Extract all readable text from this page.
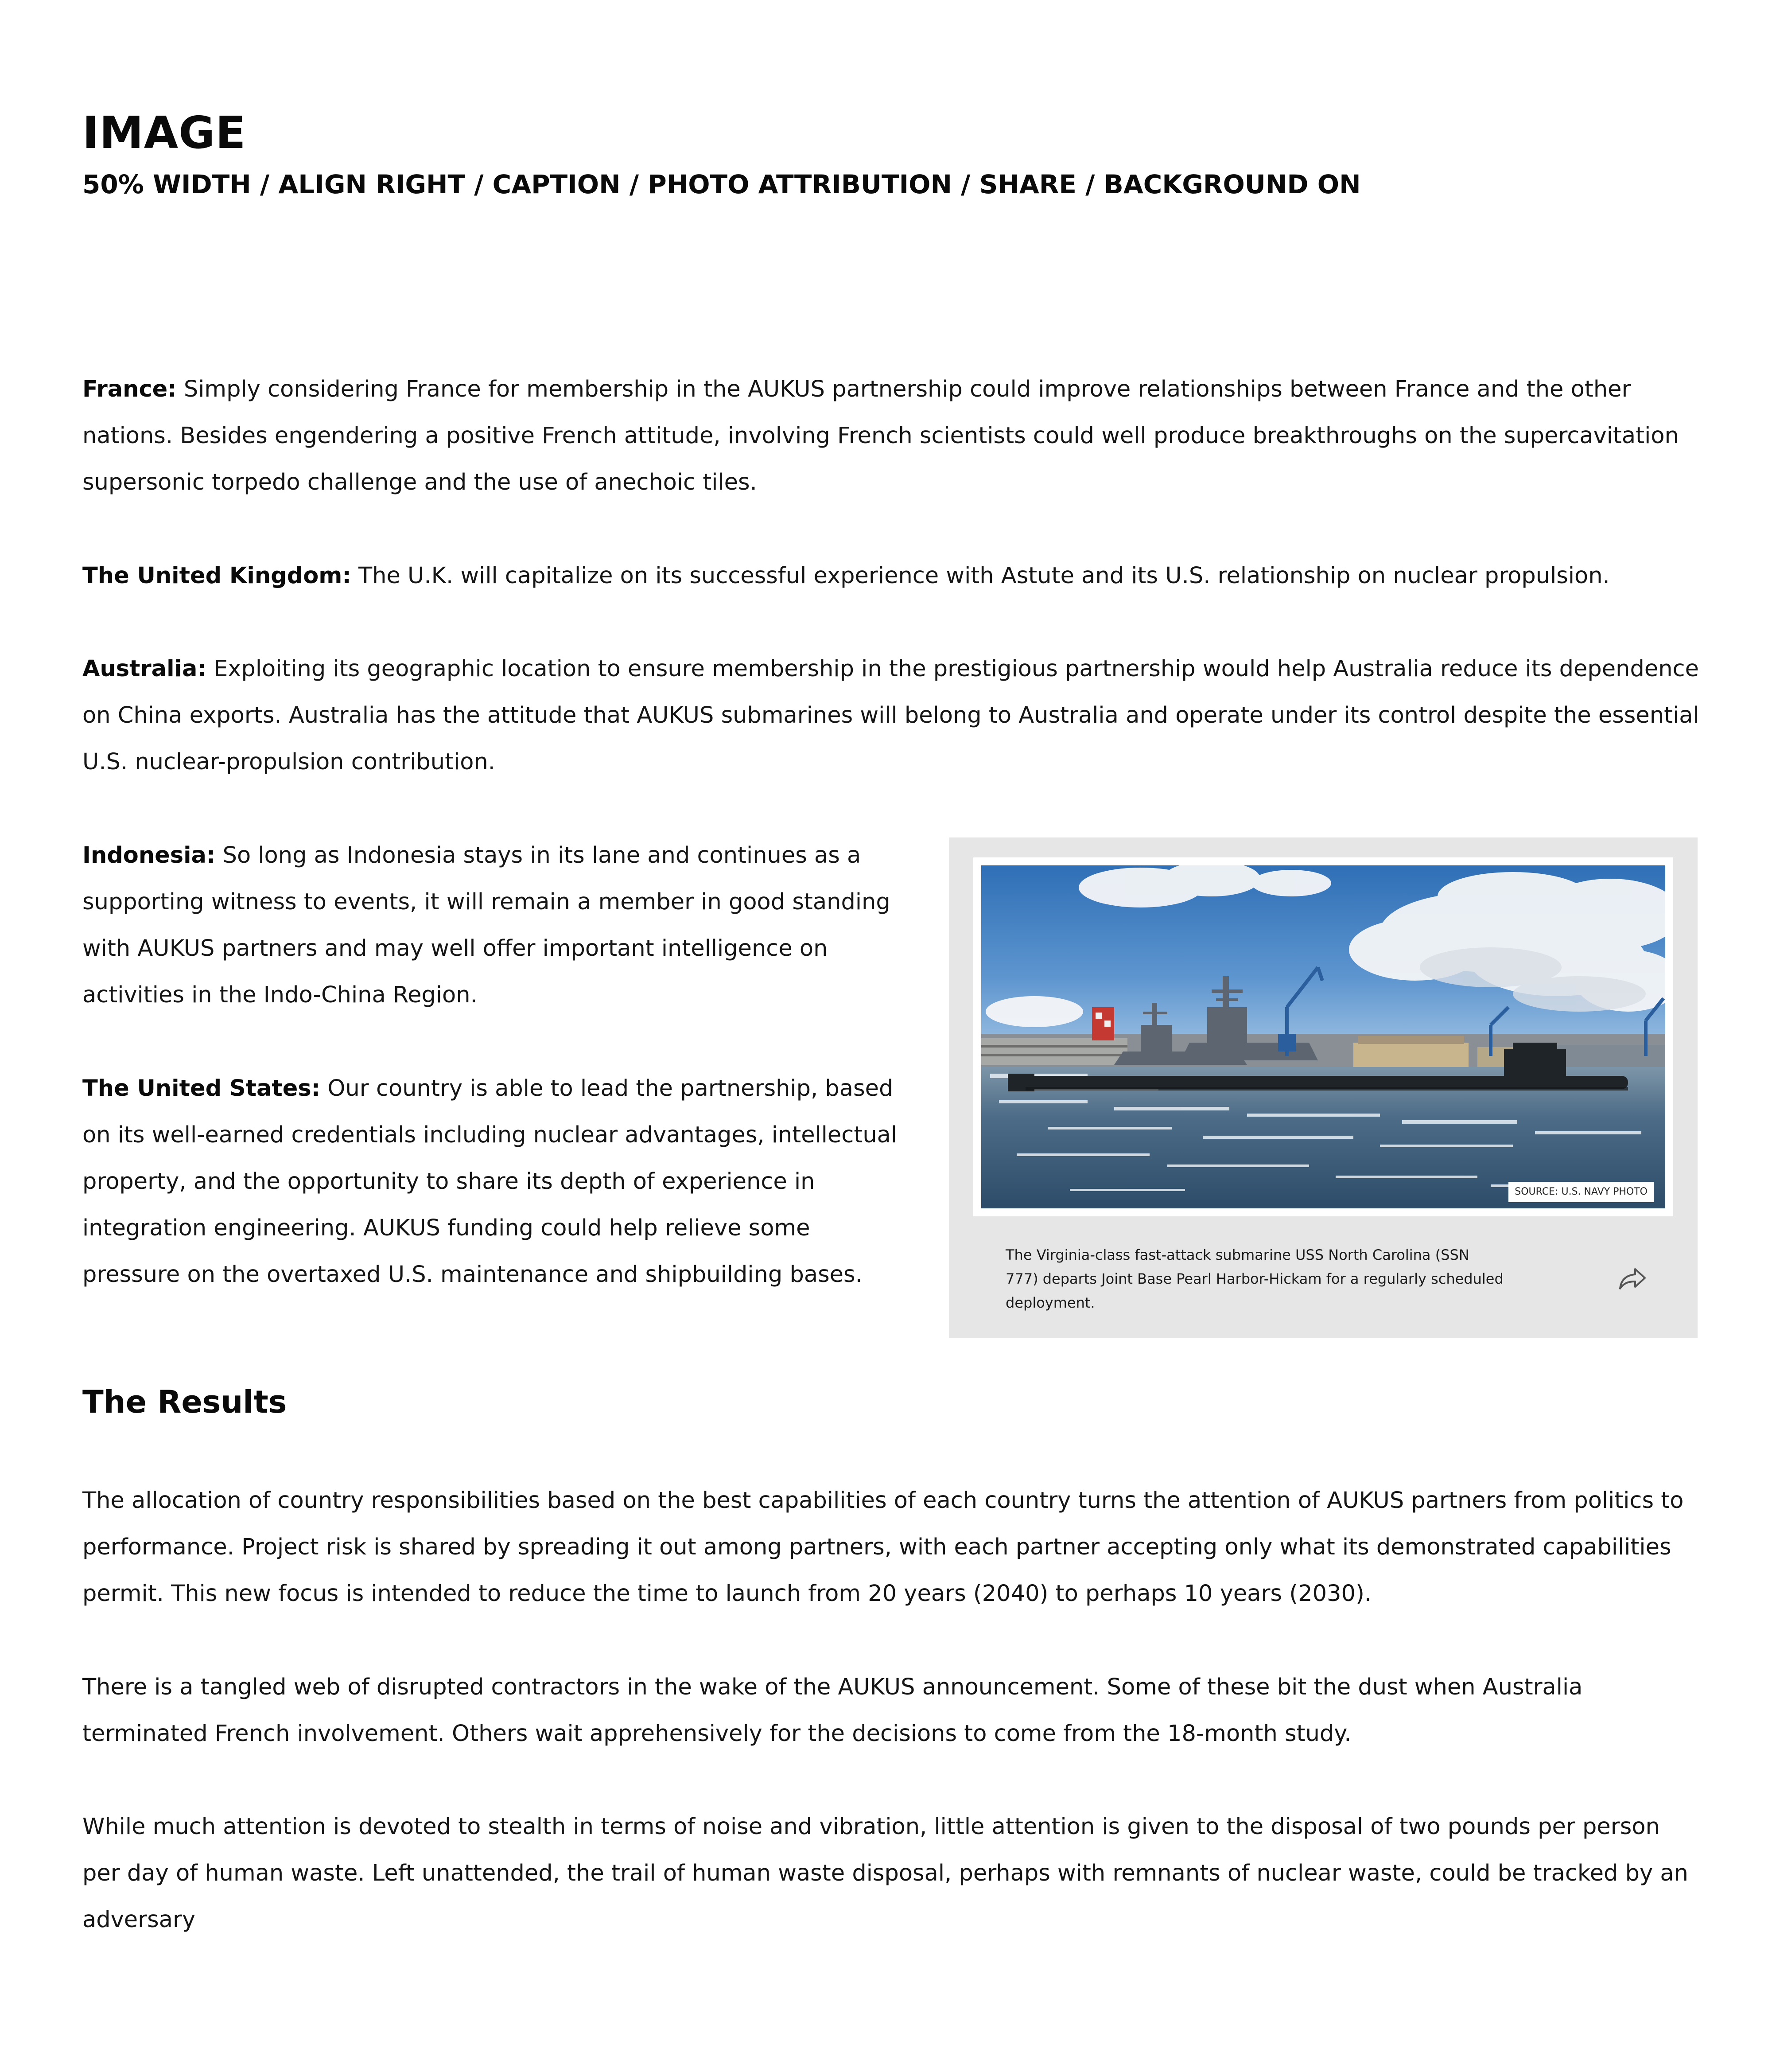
IMAGE
50% WIDTH / ALIGN RIGHT / CAPTION / PHOTO ATTRIBUTION / SHARE / BACKGROUND ON

France: Simply considering France for membership in the AUKUS partnership could improve relationships between France and the other nations. Besides engendering a positive French attitude, involving French scientists could well produce breakthroughs on the supercavitation supersonic torpedo challenge and the use of anechoic tiles.

The United Kingdom: The U.K. will capitalize on its successful experience with Astute and its U.S. relationship on nuclear propulsion.

Australia: Exploiting its geographic location to ensure membership in the prestigious partnership would help Australia reduce its dependence on China exports. Australia has the attitude that AUKUS submarines will belong to Australia and operate under its control despite the essential U.S. nuclear-propulsion contribution.

Indonesia: So long as Indonesia stays in its lane and continues as a supporting witness to events, it will remain a member in good standing with AUKUS partners and may well offer important intelligence on activities in the Indo-China Region.

The United States: Our country is able to lead the partnership, based on its well-earned credentials including nuclear advantages, intellectual property, and the opportunity to share its depth of experience in integration engineering. AUKUS funding could help relieve some pressure on the overtaxed U.S. maintenance and shipbuilding bases.

The Results

The allocation of country responsibilities based on the best capabilities of each country turns the attention of AUKUS partners from politics to performance. Project risk is shared by spreading it out among partners, with each partner accepting only what its demonstrated capabilities permit. This new focus is intended to reduce the time to launch from 20 years (2040) to perhaps 10 years (2030).

There is a tangled web of disrupted contractors in the wake of the AUKUS announcement. Some of these bit the dust when Australia terminated French involvement. Others wait apprehensively for the decisions to come from the 18-month study.

While much attention is devoted to stealth in terms of noise and vibration, little attention is given to the disposal of two pounds per person per day of human waste. Left unattended, the trail of human waste disposal, perhaps with remnants of nuclear waste, could be tracked by an adversary

SOURCE: U.S. NAVY PHOTO

The Virginia-class fast-attack submarine USS North Carolina (SSN 777) departs Joint Base Pearl Harbor-Hickam for a regularly scheduled deployment.
